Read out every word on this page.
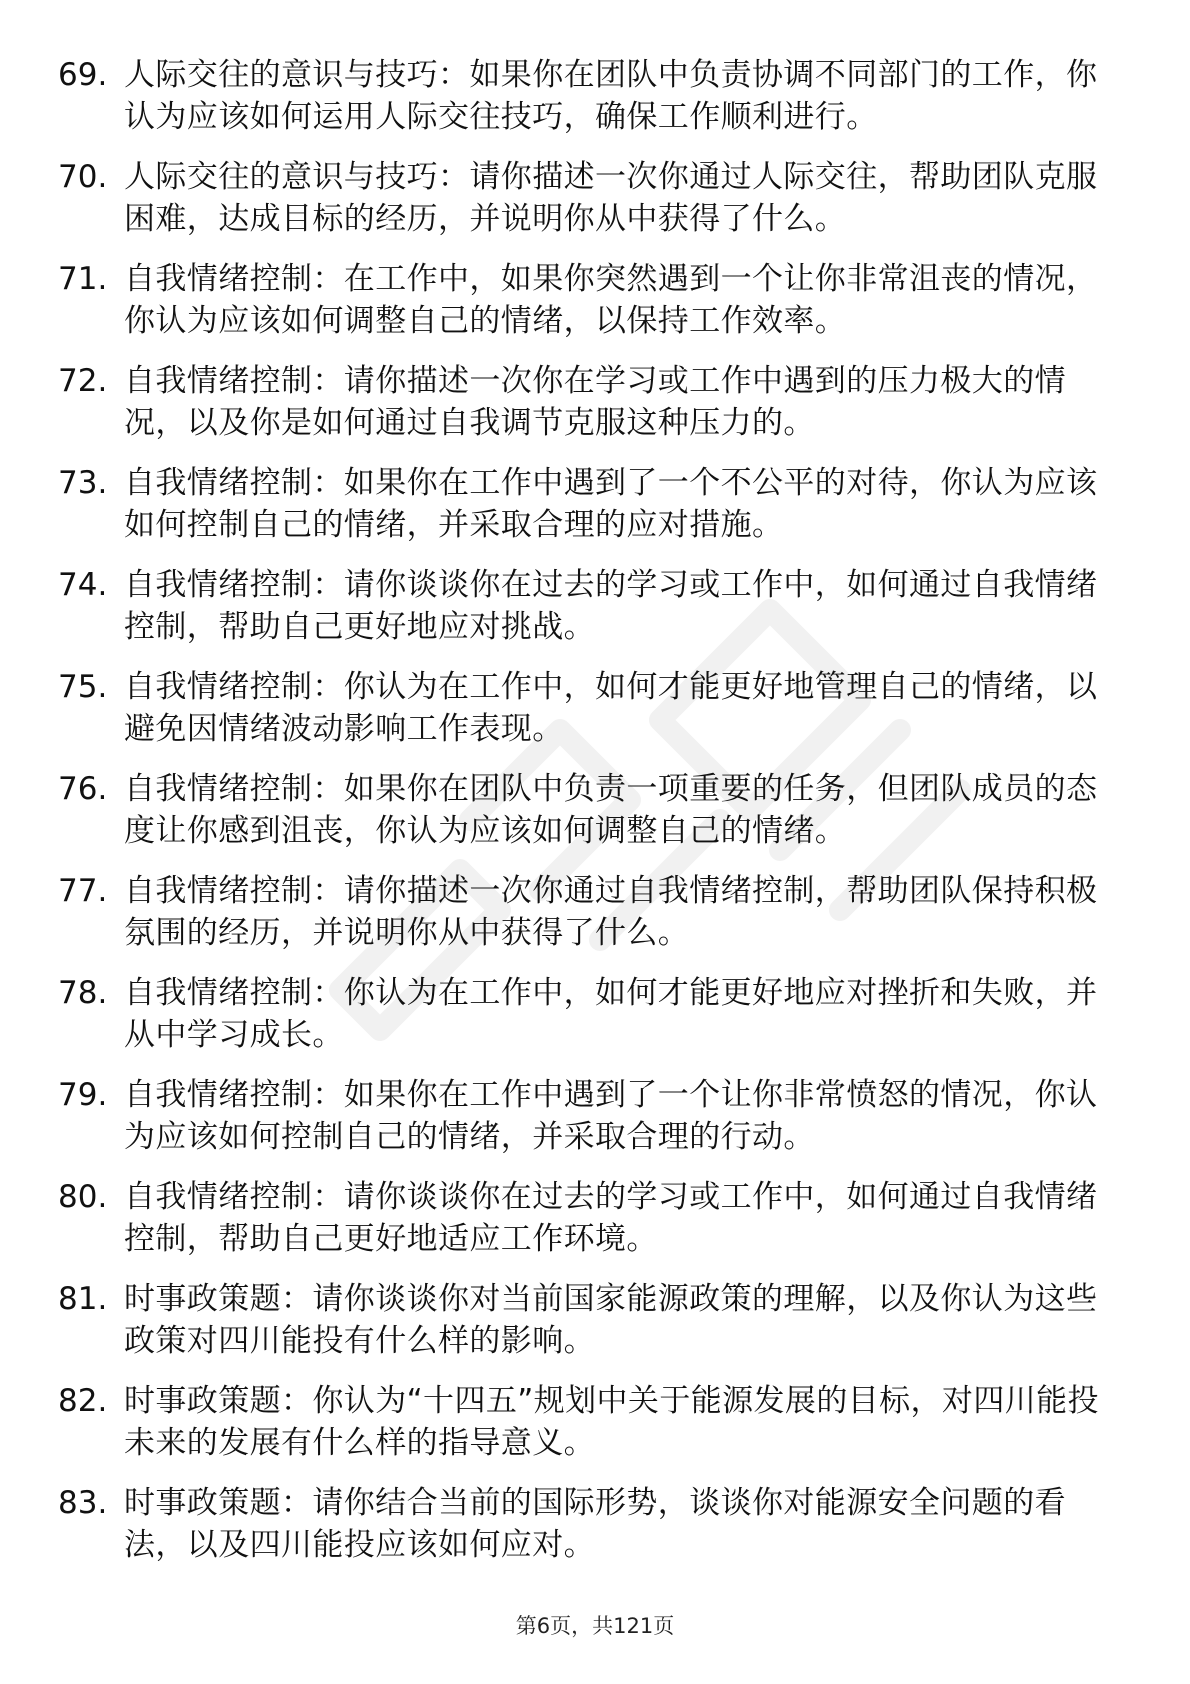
69. 人际交往的意识与技巧：如果你在团队中负责协调不同部门的工作，你认为应该如何运用人际交往技巧，确保工作顺利进行。
70. 人际交往的意识与技巧：请你描述一次你通过人际交往，帮助团队克服困难，达成目标的经历，并说明你从中获得了什么。
71. 自我情绪控制：在工作中，如果你突然遇到一个让你非常沮丧的情况，你认为应该如何调整自己的情绪，以保持工作效率。
72. 自我情绪控制：请你描述一次你在学习或工作中遇到的压力极大的情况，以及你是如何通过自我调节克服这种压力的。
73. 自我情绪控制：如果你在工作中遇到了一个不公平的对待，你认为应该如何控制自己的情绪，并采取合理的应对措施。
74. 自我情绪控制：请你谈谈你在过去的学习或工作中，如何通过自我情绪控制，帮助自己更好地应对挑战。
75. 自我情绪控制：你认为在工作中，如何才能更好地管理自己的情绪，以避免因情绪波动影响工作表现。
76. 自我情绪控制：如果你在团队中负责一项重要的任务，但团队成员的态度让你感到沮丧，你认为应该如何调整自己的情绪。
77. 自我情绪控制：请你描述一次你通过自我情绪控制，帮助团队保持积极氛围的经历，并说明你从中获得了什么。
78. 自我情绪控制：你认为在工作中，如何才能更好地应对挫折和失败，并从中学习成长。
79. 自我情绪控制：如果你在工作中遇到了一个让你非常愤怒的情况，你认为应该如何控制自己的情绪，并采取合理的行动。
80. 自我情绪控制：请你谈谈你在过去的学习或工作中，如何通过自我情绪控制，帮助自己更好地适应工作环境。
81. 时事政策题：请你谈谈你对当前国家能源政策的理解，以及你认为这些政策对四川能投有什么样的影响。
82. 时事政策题：你认为“十四五”规划中关于能源发展的目标，对四川能投未来的发展有什么样的指导意义。
83. 时事政策题：请你结合当前的国际形势，谈谈你对能源安全问题的看法，以及四川能投应该如何应对。
第6页，共121页
